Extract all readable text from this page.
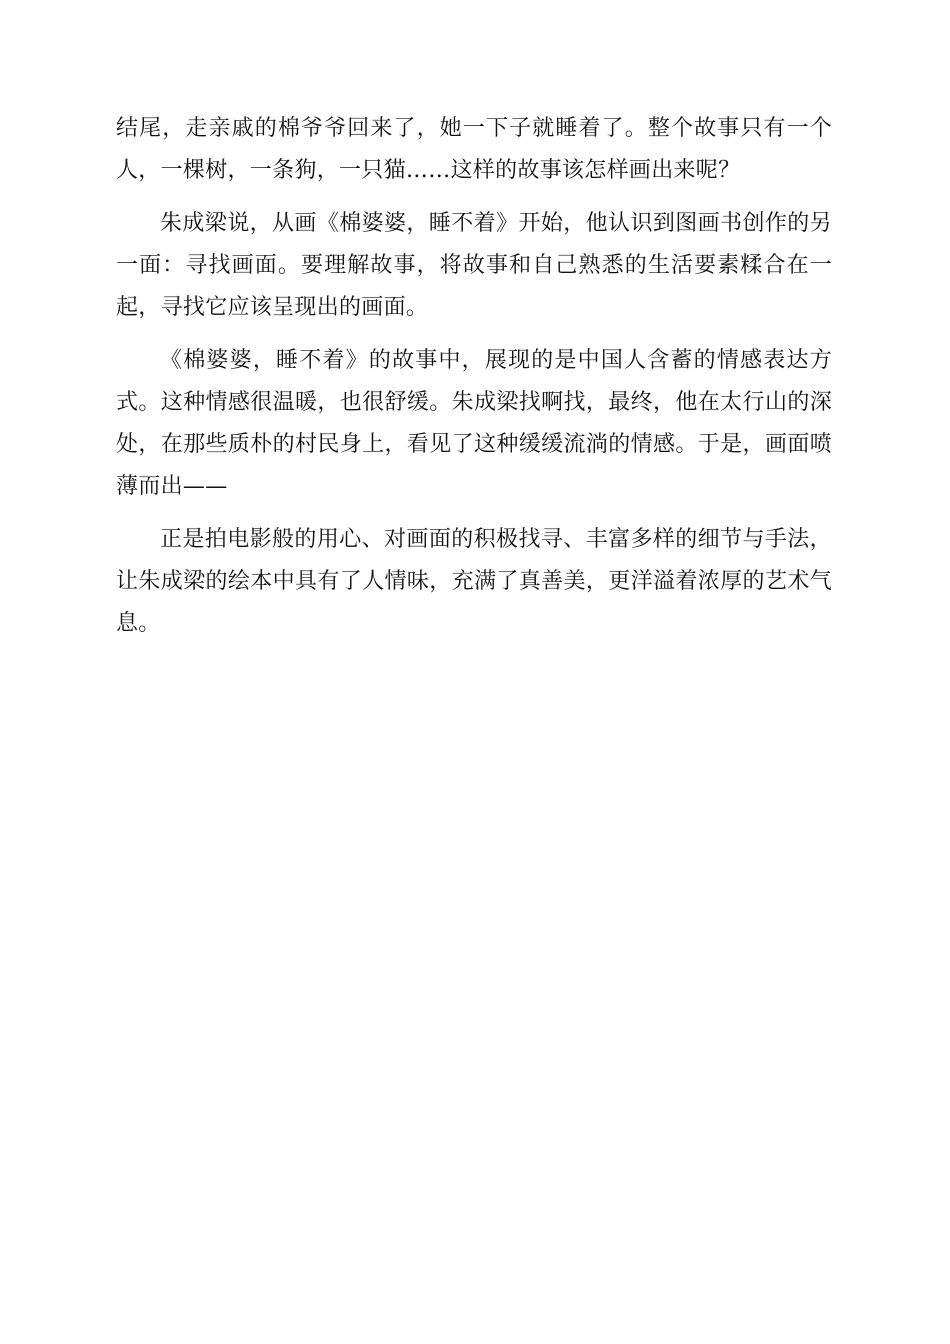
结尾，走亲戚的棉爷爷回来了，她一下子就睡着了。整个故事只有一个人，一棵树，一条狗，一只猫……这样的故事该怎样画出来呢？

朱成梁说，从画《棉婆婆，睡不着》开始，他认识到图画书创作的另一面：寻找画面。要理解故事，将故事和自己熟悉的生活要素糅合在一起，寻找它应该呈现出的画面。

《棉婆婆，睡不着》的故事中，展现的是中国人含蓄的情感表达方式。这种情感很温暖，也很舒缓。朱成梁找啊找，最终，他在太行山的深处，在那些质朴的村民身上，看见了这种缓缓流淌的情感。于是，画面喷薄而出——

正是拍电影般的用心、对画面的积极找寻、丰富多样的细节与手法，让朱成梁的绘本中具有了人情味，充满了真善美，更洋溢着浓厚的艺术气息。
